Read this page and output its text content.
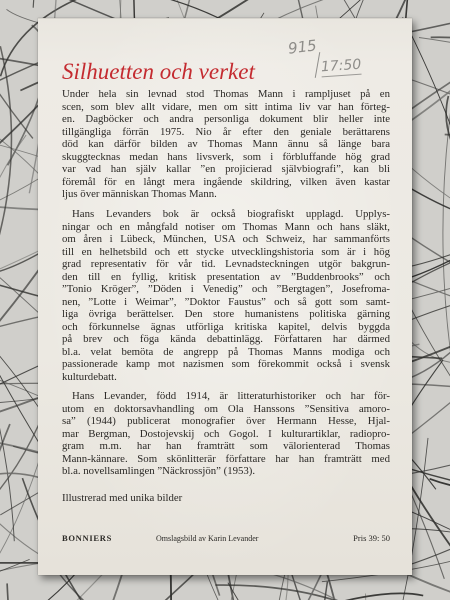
915
17:50
Silhuetten och verket
Under hela sin levnad stod Thomas Mann i rampljuset på en
scen, som blev allt vidare, men om sitt intima liv var han förteg-
en. Dagböcker och andra personliga dokument blir heller inte
tillgängliga förrän 1975. Nio år efter den geniale berättarens
död kan därför bilden av Thomas Mann ännu så länge bara
skuggtecknas medan hans livsverk, som i förbluffande hög grad
var vad han själv kallar ”en projicierad självbiografi”, kan bli
föremål för en långt mera ingående skildring, vilken även kastar
ljus över människan Thomas Mann.
Hans Levanders bok är också biografiskt upplagd. Upplys-
ningar och en mångfald notiser om Thomas Mann och hans släkt,
om åren i Lübeck, München, USA och Schweiz, har sammanförts
till en helhetsbild och ett stycke utvecklingshistoria som är i hög
grad representativ för vår tid. Levnadsteckningen utgör bakgrun-
den till en fyllig, kritisk presentation av ”Buddenbrooks” och
”Tonio Kröger”, ”Döden i Venedig” och ”Bergtagen”, Josefroma-
nen, ”Lotte i Weimar”, ”Doktor Faustus” och så gott som samt-
liga övriga berättelser. Den store humanistens politiska gärning
och förkunnelse ägnas utförliga kritiska kapitel, delvis byggda
på brev och föga kända debattinlägg. Författaren har därmed
bl.a. velat bemöta de angrepp på Thomas Manns modiga och
passionerade kamp mot nazismen som förekommit också i svensk
kulturdebatt.
Hans Levander, född 1914, är litteraturhistoriker och har för-
utom en doktorsavhandling om Ola Hanssons ”Sensitiva amoro-
sa” (1944) publicerat monografier över Hermann Hesse, Hjal-
mar Bergman, Dostojevskij och Gogol. I kulturartiklar, radiopro-
gram m.m. har han framträtt som välorienterad Thomas
Mann-kännare. Som skönlitterär författare har han framträtt med
bl.a. novellsamlingen ”Näckrossjön” (1953).
Illustrerad med unika bilder
BONNIERS	Omslagsbild av Karin Levander	Pris 39: 50
